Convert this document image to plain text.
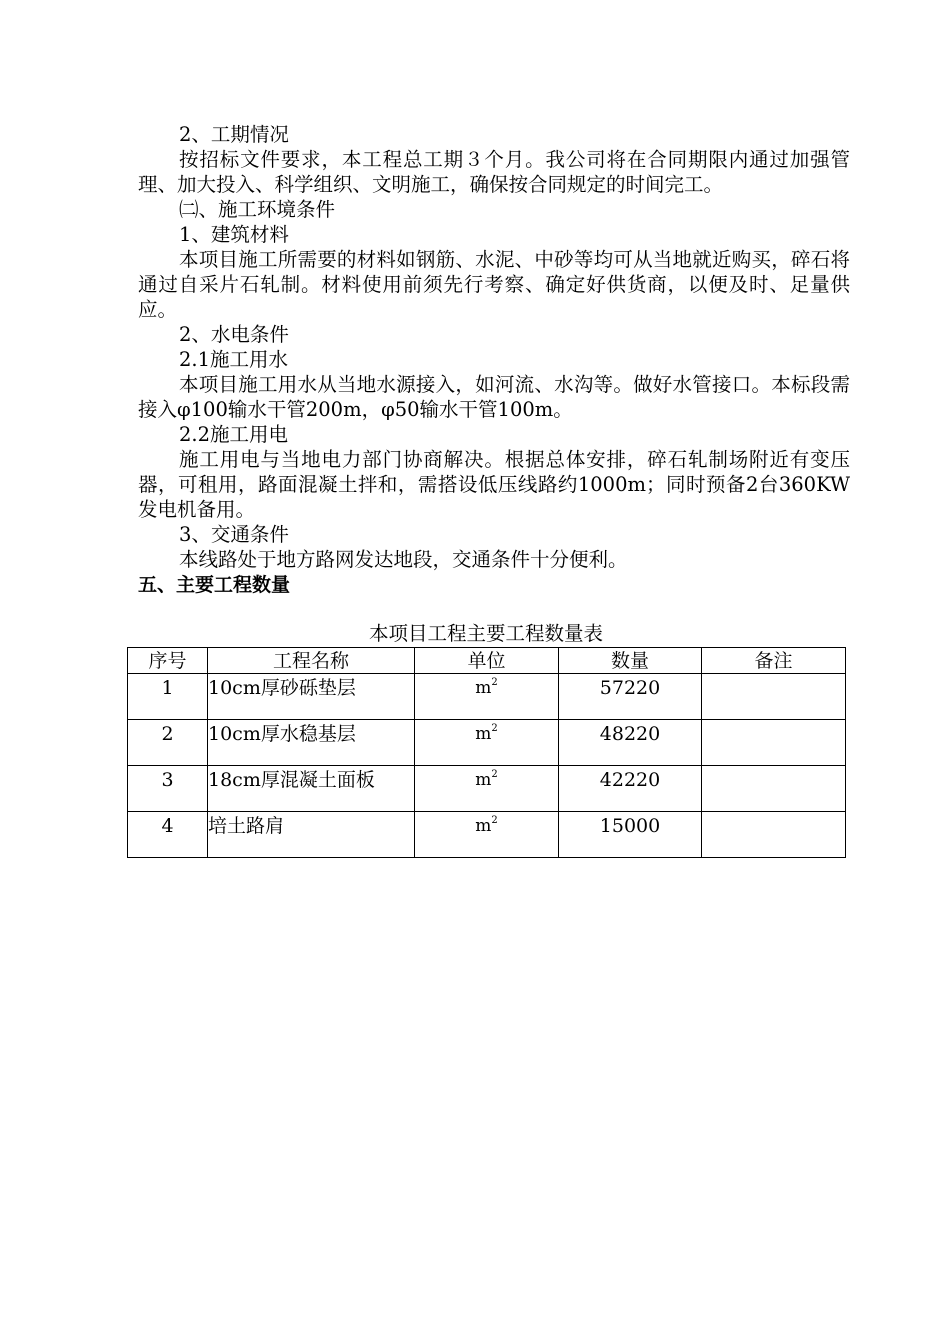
2、工期情况

按招标文件要求，本工程总工期３个月。我公司将在合同期限内通过加强管理、加大投入、科学组织、文明施工，确保按合同规定的时间完工。

㈡、施工环境条件

1、建筑材料

本项目施工所需要的材料如钢筋、水泥、中砂等均可从当地就近购买，碎石将通过自采片石轧制。材料使用前须先行考察、确定好供货商，以便及时、足量供应。

2、水电条件

2.1施工用水

本项目施工用水从当地水源接入，如河流、水沟等。做好水管接口。本标段需接入φ100输水干管200m，φ50输水干管100m。

2.2施工用电

施工用电与当地电力部门协商解决。根据总体安排，碎石轧制场附近有变压器，可租用，路面混凝土拌和，需搭设低压线路约1000m；同时预备2台360KW发电机备用。

3、交通条件

本线路处于地方路网发达地段，交通条件十分便利。

五、主要工程数量

本项目工程主要工程数量表
序号	工程名称	单位	数量	备注
1	10cm厚砂砾垫层	$m^2$	57220	
2	10cm厚水稳基层	$m^2$	48220	
3	18cm厚混凝土面板	$m^2$	42220	
4	培土路肩	$m^2$	15000	
